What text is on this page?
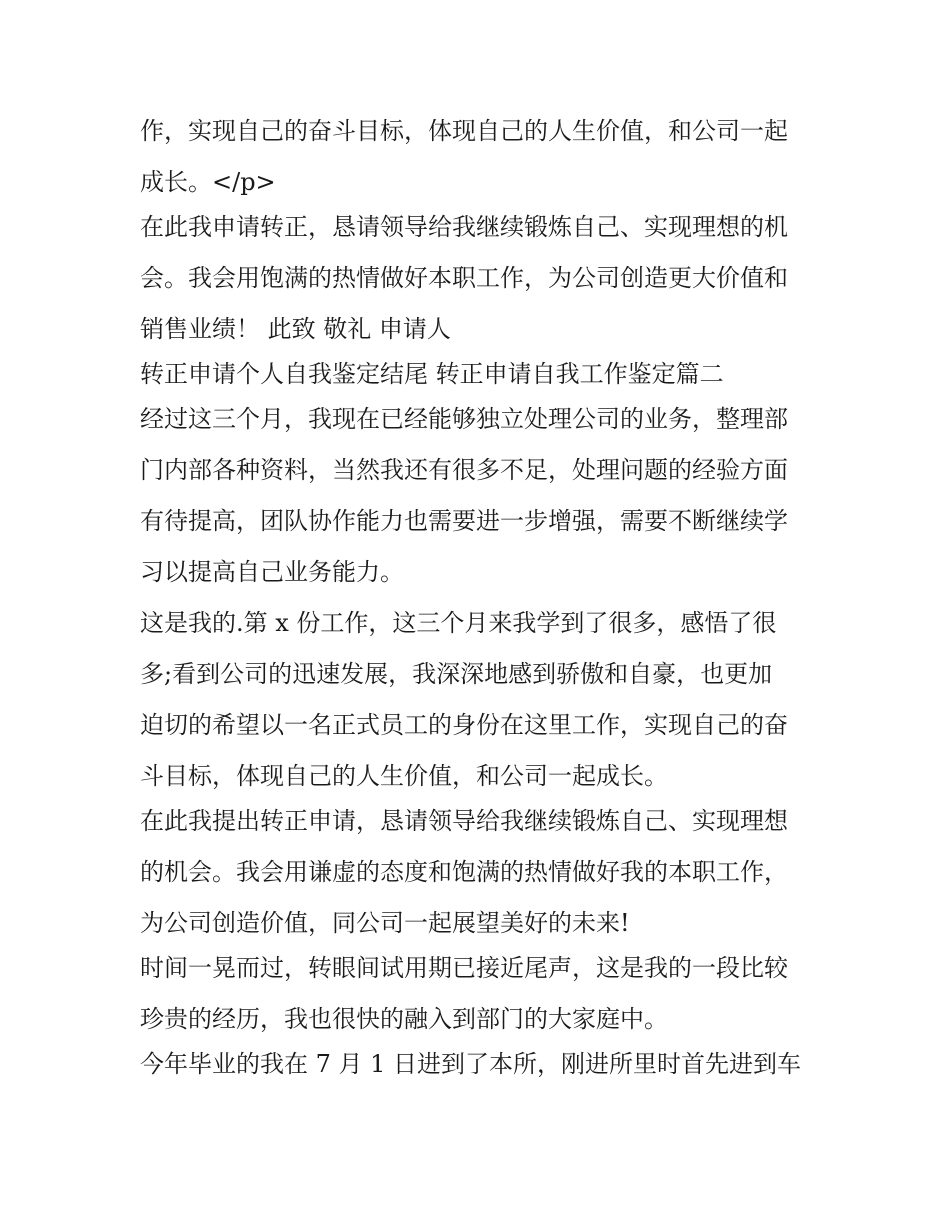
作，实现自己的奋斗目标，体现自己的人生价值，和公司一起
成长。</p>
在此我申请转正，恳请领导给我继续锻炼自己、实现理想的机
会。我会用饱满的热情做好本职工作，为公司创造更大价值和
销售业绩！ 此致 敬礼 申请人
转正申请个人自我鉴定结尾 转正申请自我工作鉴定篇二
经过这三个月，我现在已经能够独立处理公司的业务，整理部
门内部各种资料，当然我还有很多不足，处理问题的经验方面
有待提高，团队协作能力也需要进一步增强，需要不断继续学
习以提高自己业务能力。
这是我的.第 x 份工作，这三个月来我学到了很多，感悟了很
多;看到公司的迅速发展，我深深地感到骄傲和自豪，也更加
迫切的希望以一名正式员工的身份在这里工作，实现自己的奋
斗目标，体现自己的人生价值，和公司一起成长。
在此我提出转正申请，恳请领导给我继续锻炼自己、实现理想
的机会。我会用谦虚的态度和饱满的热情做好我的本职工作，
为公司创造价值，同公司一起展望美好的未来!
时间一晃而过，转眼间试用期已接近尾声，这是我的一段比较
珍贵的经历，我也很快的融入到部门的大家庭中。
今年毕业的我在 7 月 1 日进到了本所，刚进所里时首先进到车
